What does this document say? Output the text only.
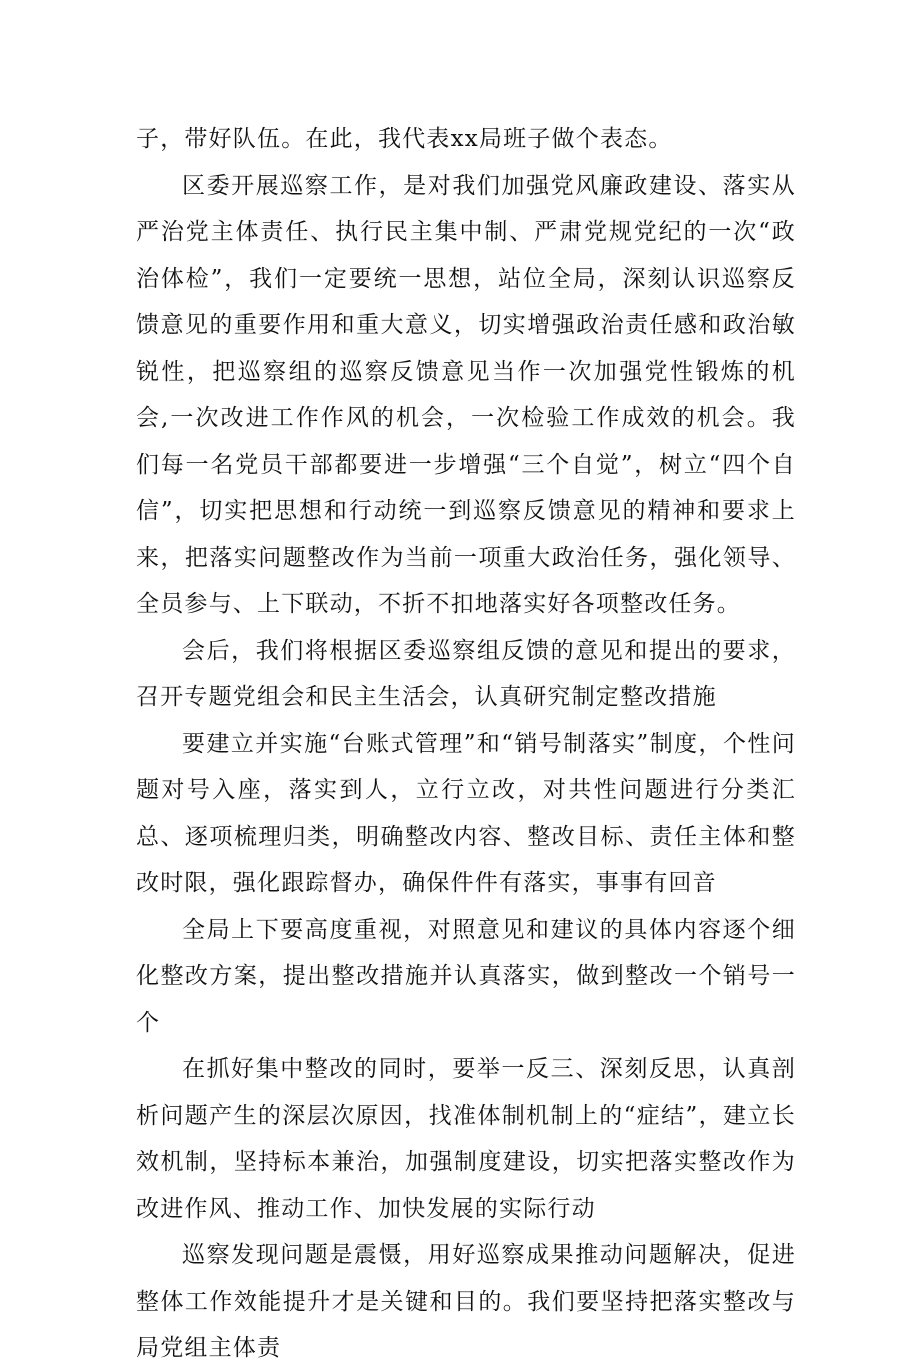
子，带好队伍。在此，我代表xx局班子做个表态。

区委开展巡察工作，是对我们加强党风廉政建设、落实从严治党主体责任、执行民主集中制、严肃党规党纪的一次“政治体检”，我们一定要统一思想，站位全局，深刻认识巡察反馈意见的重要作用和重大意义，切实增强政治责任感和政治敏锐性，把巡察组的巡察反馈意见当作一次加强党性锻炼的机会,一次改进工作作风的机会，一次检验工作成效的机会。我们每一名党员干部都要进一步增强“三个自觉”，树立“四个自信”，切实把思想和行动统一到巡察反馈意见的精神和要求上来，把落实问题整改作为当前一项重大政治任务，强化领导、全员参与、上下联动，不折不扣地落实好各项整改任务。

会后，我们将根据区委巡察组反馈的意见和提出的要求，召开专题党组会和民主生活会，认真研究制定整改措施

要建立并实施“台账式管理”和“销号制落实”制度，个性问题对号入座，落实到人，立行立改，对共性问题进行分类汇总、逐项梳理归类，明确整改内容、整改目标、责任主体和整改时限，强化跟踪督办，确保件件有落实，事事有回音

全局上下要高度重视，对照意见和建议的具体内容逐个细化整改方案，提出整改措施并认真落实，做到整改一个销号一个

在抓好集中整改的同时，要举一反三、深刻反思，认真剖析问题产生的深层次原因，找准体制机制上的“症结”，建立长效机制，坚持标本兼治，加强制度建设，切实把落实整改作为改进作风、推动工作、加快发展的实际行动

巡察发现问题是震慑，用好巡察成果推动问题解决，促进整体工作效能提升才是关键和目的。我们要坚持把落实整改与局党组主体责
